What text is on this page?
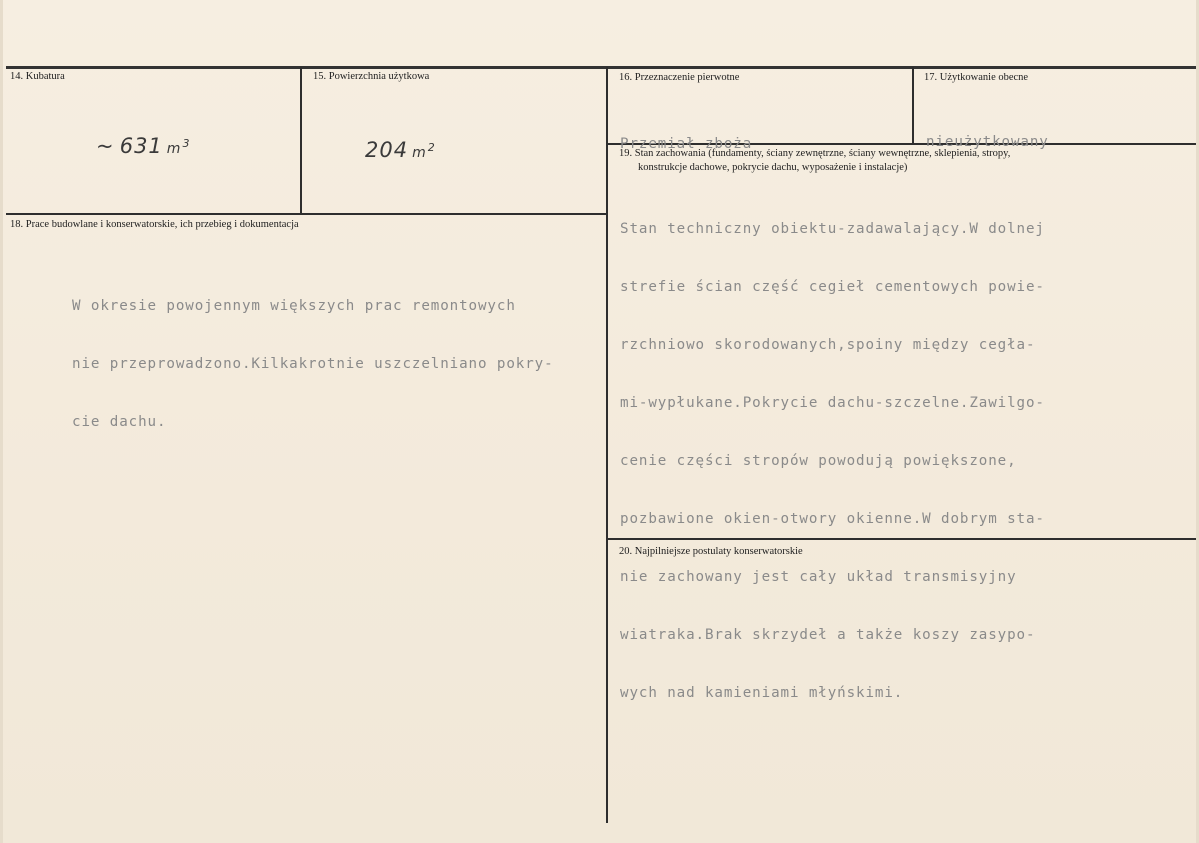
14. Kubatura
~ 631 m $^3$
15. Powierzchnia użytkowa
204 m $^2$
16. Przeznaczenie pierwotne

Przemiał zboża

17. Użytkowanie obecne

nieużytkowany

18. Prace budowlane i konserwatorskie, ich przebieg i dokumentacja

W okresie powojennym większych prac remontowych

nie przeprowadzono.Kilkakrotnie uszczelniano pokry-

cie dachu.

19. Stan zachowania (fundamenty, ściany zewnętrzne, ściany wewnętrzne, sklepienia, stropy,
konstrukcje dachowe, pokrycie dachu, wyposażenie i instalacje)

Stan techniczny obiektu-zadawalający.W dolnej

strefie ścian część cegieł cementowych powie-

rzchniowo skorodowanych,spoiny między cegła-

mi-wypłukane.Pokrycie dachu-szczelne.Zawilgo-

cenie części stropów powodują powiększone,

pozbawione okien-otwory okienne.W dobrym sta-

nie zachowany jest cały układ transmisyjny

wiatraka.Brak skrzydeł a także koszy zasypo-

wych nad kamieniami młyńskimi.

20. Najpilniejsze postulaty konserwatorskie
